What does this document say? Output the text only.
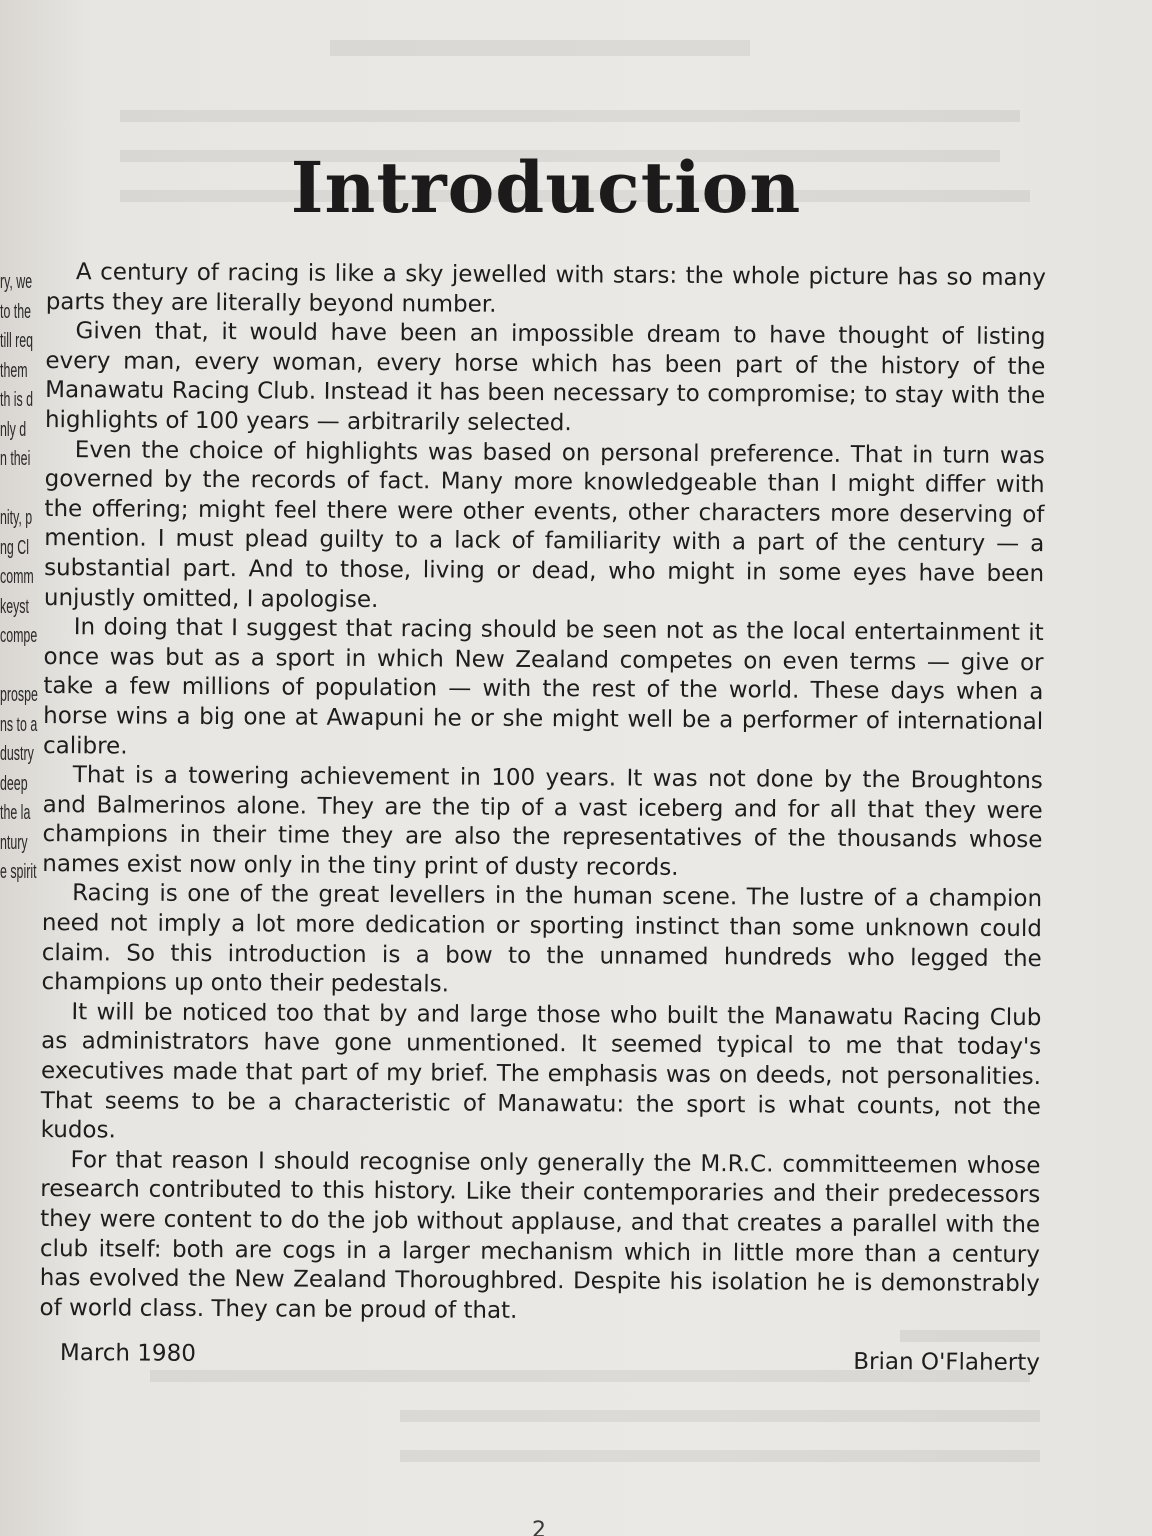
Introduction
ry, we
to the
till req
them
th is d
nly d
n thei
nity, p
ng Cl
comm
keyst
compe
prospe
ns to a
dustry
deep
the la
ntury
e spirit

A century of racing is like a sky jewelled with stars: the whole picture has so many parts they are literally beyond number.

Given that, it would have been an impossible dream to have thought of listing every man, every woman, every horse which has been part of the history of the Manawatu Racing Club. Instead it has been necessary to compromise; to stay with the highlights of 100 years — arbitrarily selected.

Even the choice of highlights was based on personal preference. That in turn was governed by the records of fact. Many more knowledgeable than I might differ with the offering; might feel there were other events, other characters more deserving of mention. I must plead guilty to a lack of familiarity with a part of the century — a substantial part. And to those, living or dead, who might in some eyes have been unjustly omitted, I apologise.

In doing that I suggest that racing should be seen not as the local entertainment it once was but as a sport in which New Zealand competes on even terms — give or take a few millions of population — with the rest of the world. These days when a horse wins a big one at Awapuni he or she might well be a performer of international calibre.

That is a towering achievement in 100 years. It was not done by the Broughtons and Balmerinos alone. They are the tip of a vast iceberg and for all that they were champions in their time they are also the representatives of the thousands whose names exist now only in the tiny print of dusty records.

Racing is one of the great levellers in the human scene. The lustre of a champion need not imply a lot more dedication or sporting instinct than some unknown could claim. So this introduction is a bow to the unnamed hundreds who legged the champions up onto their pedestals.

It will be noticed too that by and large those who built the Manawatu Racing Club as administrators have gone unmentioned. It seemed typical to me that today's executives made that part of my brief. The emphasis was on deeds, not personalities. That seems to be a characteristic of Manawatu: the sport is what counts, not the kudos.

For that reason I should recognise only generally the M.R.C. committeemen whose research contributed to this history. Like their contemporaries and their predecessors they were content to do the job without applause, and that creates a parallel with the club itself: both are cogs in a larger mechanism which in little more than a century has evolved the New Zealand Thoroughbred. Despite his isolation he is demonstrably of world class. They can be proud of that.

March 1980	Brian O'Flaherty
2
